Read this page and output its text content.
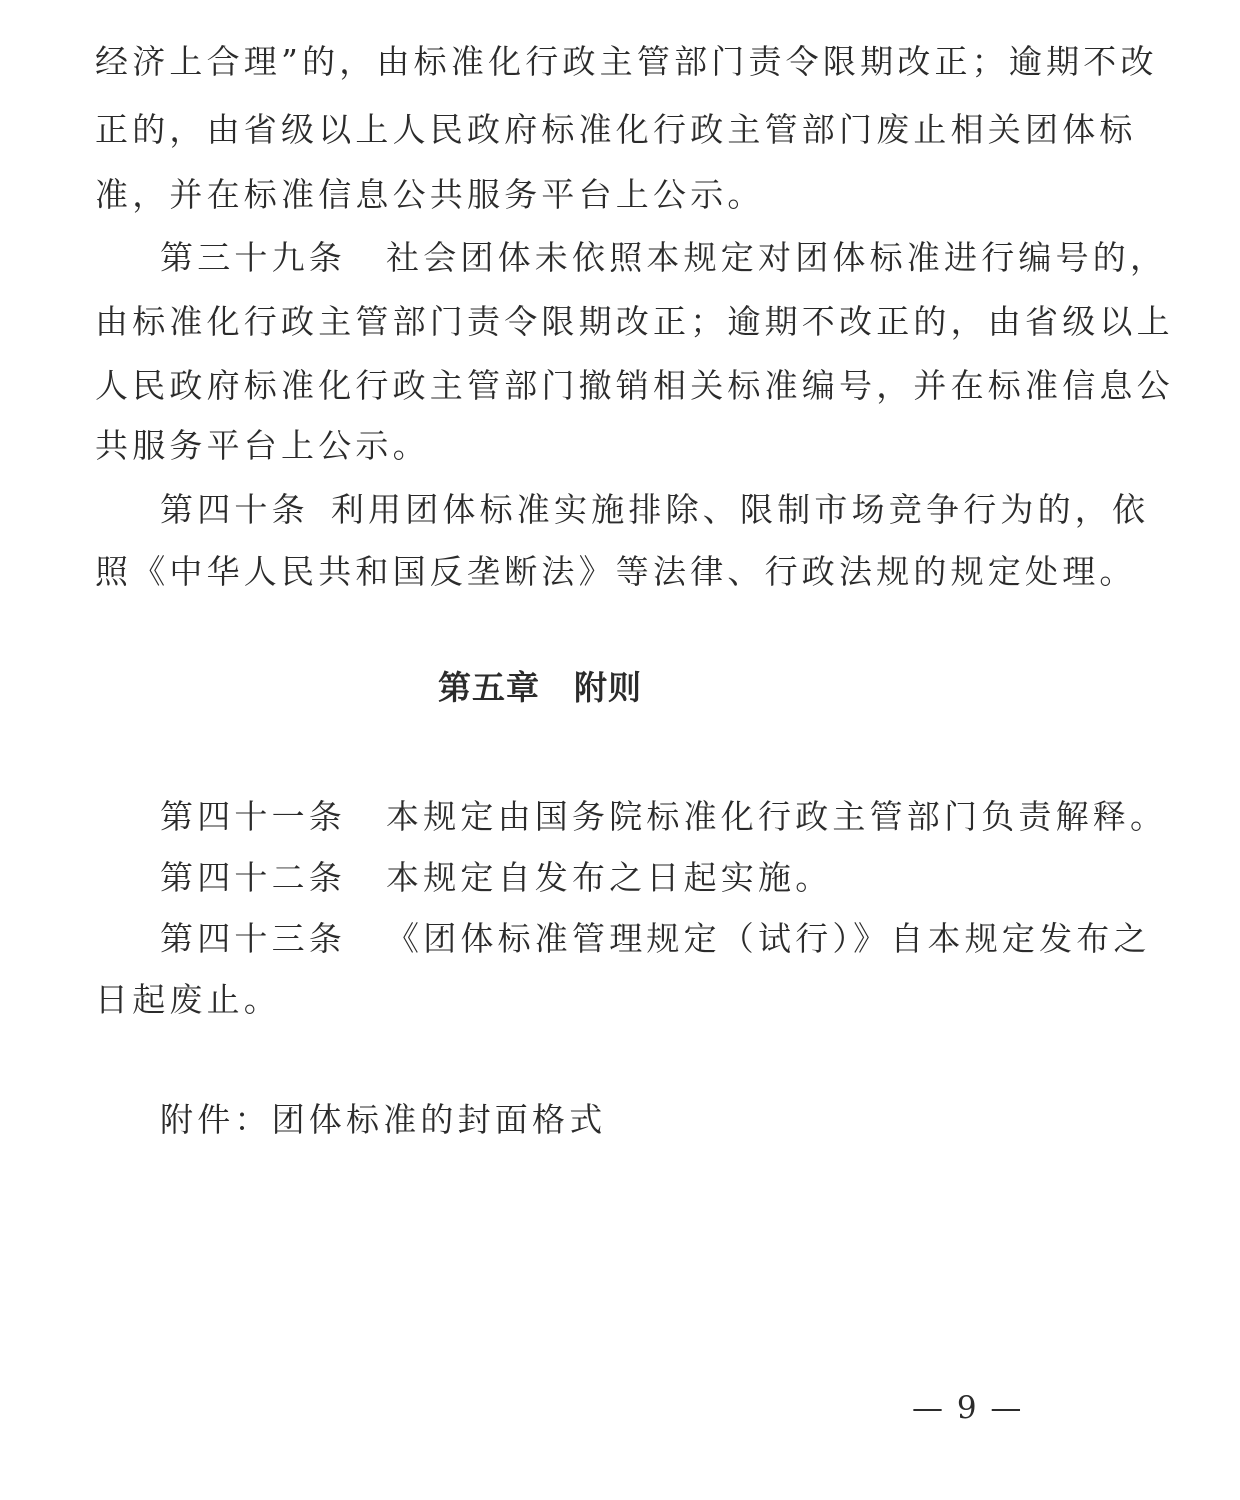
经济上合理”的，由标准化行政主管部门责令限期改正；逾期不改
正的，由省级以上人民政府标准化行政主管部门废止相关团体标
准，并在标准信息公共服务平台上公示。
第三十九条 社会团体未依照本规定对团体标准进行编号的，
由标准化行政主管部门责令限期改正；逾期不改正的，由省级以上
人民政府标准化行政主管部门撤销相关标准编号，并在标准信息公
共服务平台上公示。
第四十条 利用团体标准实施排除、限制市场竞争行为的，依
照《中华人民共和国反垄断法》等法律、行政法规的规定处理。
第五章 附则
第四十一条 本规定由国务院标准化行政主管部门负责解释。
第四十二条 本规定自发布之日起实施。
第四十三条 《团体标准管理规定（试行）》自本规定发布之
日起废止。
附件：团体标准的封面格式
— 9 —
